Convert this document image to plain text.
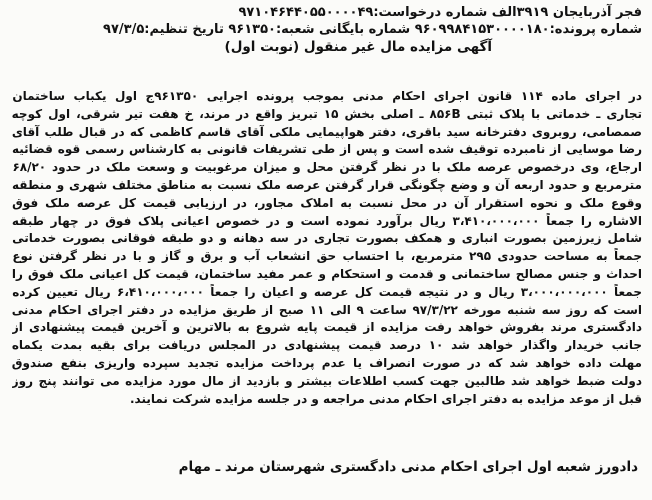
فجر آذربایجان ۳۹۱۹الف شماره درخواست:۹۷۱۰۴۶۴۴۰۵۵۰۰۰۰۴۹
شماره پرونده:۹۶۰۹۹۸۴۱۵۳۰۰۰۰۱۸۰ شماره بایگانی شعبه:۹۶۱۳۵۰ تاریخ تنظیم:۹۷/۳/۵
آگهی مزایده مال غیر منقول (نوبت اول)
در اجرای ماده ۱۱۴ قانون اجرای احکام مدنی بموجب پرونده اجرایی ۹۶۱۳۵۰ج اول یکباب ساختمان
تجاری ـ خدماتی با پلاک ثبتی ۸۵۶B ـ اصلی بخش ۱۵ تبریز واقع در مرند، خ هفت تیر شرقی، اول کوچه
صمصامی، روبروی دفترخانه سید باقری، دفتر هواپیمایی ملکی آقای قاسم کاظمی که در قبال طلب آقای
رضا موسایی از نامبرده توقیف شده است و پس از طی تشریفات قانونی به کارشناس رسمی قوه قضائیه
ارجاع، وی درخصوص عرصه ملک با در نظر گرفتن محل و میزان مرغوبیت و وسعت ملک در حدود ۶۸/۲۰
مترمربع و حدود اربعه آن و وضع چگونگی قرار گرفتن عرصه ملک نسبت به مناطق مختلف شهری و منطقه
وقوع ملک و نحوه استقرار آن در محل نسبت به املاک مجاور، در ارزیابی قیمت کل عرصه ملک فوق
الاشاره را جمعاً ۳،۴۱۰،۰۰۰،۰۰۰ ریال برآورد نموده است و در خصوص اعیانی پلاک فوق در چهار طبقه
شامل زیرزمین بصورت انباری و همکف بصورت تجاری در سه دهانه و دو طبقه فوقانی بصورت خدماتی
جمعاً به مساحت حدودی ۲۹۵ مترمربع، با احتساب حق انشعاب آب و برق و گاز و با در نظر گرفتن نوع
احداث و جنس مصالح ساختمانی و قدمت و استحکام و عمر مفید ساختمان، قیمت کل اعیانی ملک فوق را
جمعاً ۳،۰۰۰،۰۰۰،۰۰۰ ریال و در نتیجه قیمت کل عرصه و اعیان را جمعاً ۶،۴۱۰،۰۰۰،۰۰۰ ریال تعیین کرده
است که روز سه شنبه مورخه ۹۷/۳/۲۲ ساعت ۹ الی ۱۱ صبح از طریق مزایده در دفتر اجرای احکام مدنی
دادگستری مرند بفروش خواهد رفت مزایده از قیمت پایه شروع به بالاترین و آخرین قیمت پیشنهادی از
جانب خریدار واگذار خواهد شد ۱۰ درصد قیمت پیشنهادی در المجلس دریافت برای بقیه بمدت یکماه
مهلت داده خواهد شد که در صورت انصراف یا عدم پرداخت مزایده تجدید سپرده واریزی بنفع صندوق
دولت ضبط خواهد شد طالبین جهت کسب اطلاعات بیشتر و بازدید از مال مورد مزایده می توانند پنج روز
قبل از موعد مزایده به دفتر اجرای احکام مدنی مراجعه و در جلسه مزایده شرکت نمایند.
دادورز شعبه اول اجرای احکام مدنی دادگستری شهرستان مرند ـ مهام
